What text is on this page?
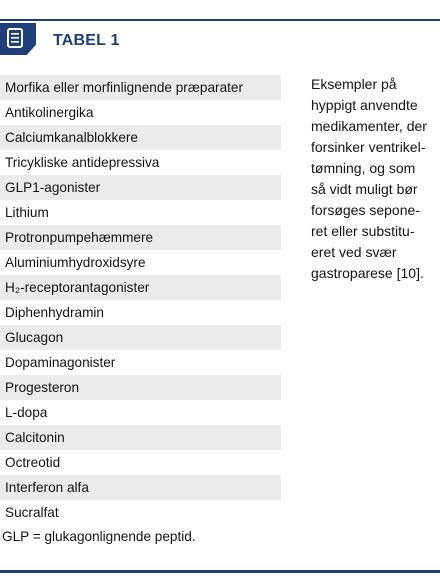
TABEL 1
Morfika eller morfinlignende præparater
Antikolinergika
Calciumkanalblokkere
Tricykliske antidepressiva
GLP1-agonister
Lithium
Protronpumpehæmmere
Aluminiumhydroxidsyre
H₂-receptorantagonister
Diphenhydramin
Glucagon
Dopaminagonister
Progesteron
L-dopa
Calcitonin
Octreotid
Interferon alfa
Sucralfat
GLP = glukagonlignende peptid.

Eksempler på
hyppigt anvendte
medikamenter, der
forsinker ventrikel-
tømning, og som
så vidt muligt bør
forsøges sepone-
ret eller substitu-
eret ved svær
gastroparese [10].
